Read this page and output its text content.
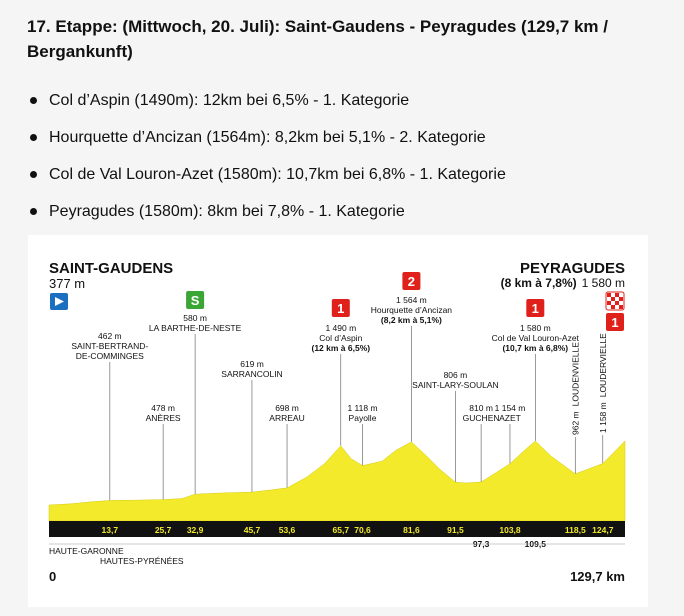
17. Etappe: (Mittwoch, 20. Juli): Saint-Gaudens - Peyragudes (129,7 km / Bergankunft)
Col d’Aspin (1490m): 12km bei 6,5% - 1. Kategorie
Hourquette d’Ancizan (1564m): 8,2km bei 5,1% - 2. Kategorie
Col de Val Louron-Azet (1580m): 10,7km bei 6,8% - 1. Kategorie
Peyragudes (1580m): 8km bei 7,8% - 1. Kategorie
SAINT-GAUDENS
377 m
PEYRAGUDES
(8 km à 7,8%) 1 580 m
1
462 m
SAINT-BERTRAND-
DE-COMMINGES
478 m
ANÈRES
580 m
LA BARTHE-DE-NESTE
S
619 m
SARRANCOLIN
698 m
ARREAU
1 490 m
Col d’Aspin
(12 km à 6,5%)
1
1 118 m
Payolle
1 564 m
Hourquette d’Ancizan
(8,2 km à 5,1%)
2
806 m
SAINT-LARY-SOULAN
810 m
GUCHEN
1 154 m
AZET
1 580 m
Col de Val Louron-Azet
(10,7 km à 6,8%)
1
962 mLOUDENVIELLE
1 158 mLOUDERVIELLE
13,7	25,7 32,9	45,7 53,6	65,7 70,6	81,6	91,5
97,3
103,8
109,5
118,5 124,7
HAUTE-GARONNE
HAUTES-PYRÉNÉES
0	129,7 km
